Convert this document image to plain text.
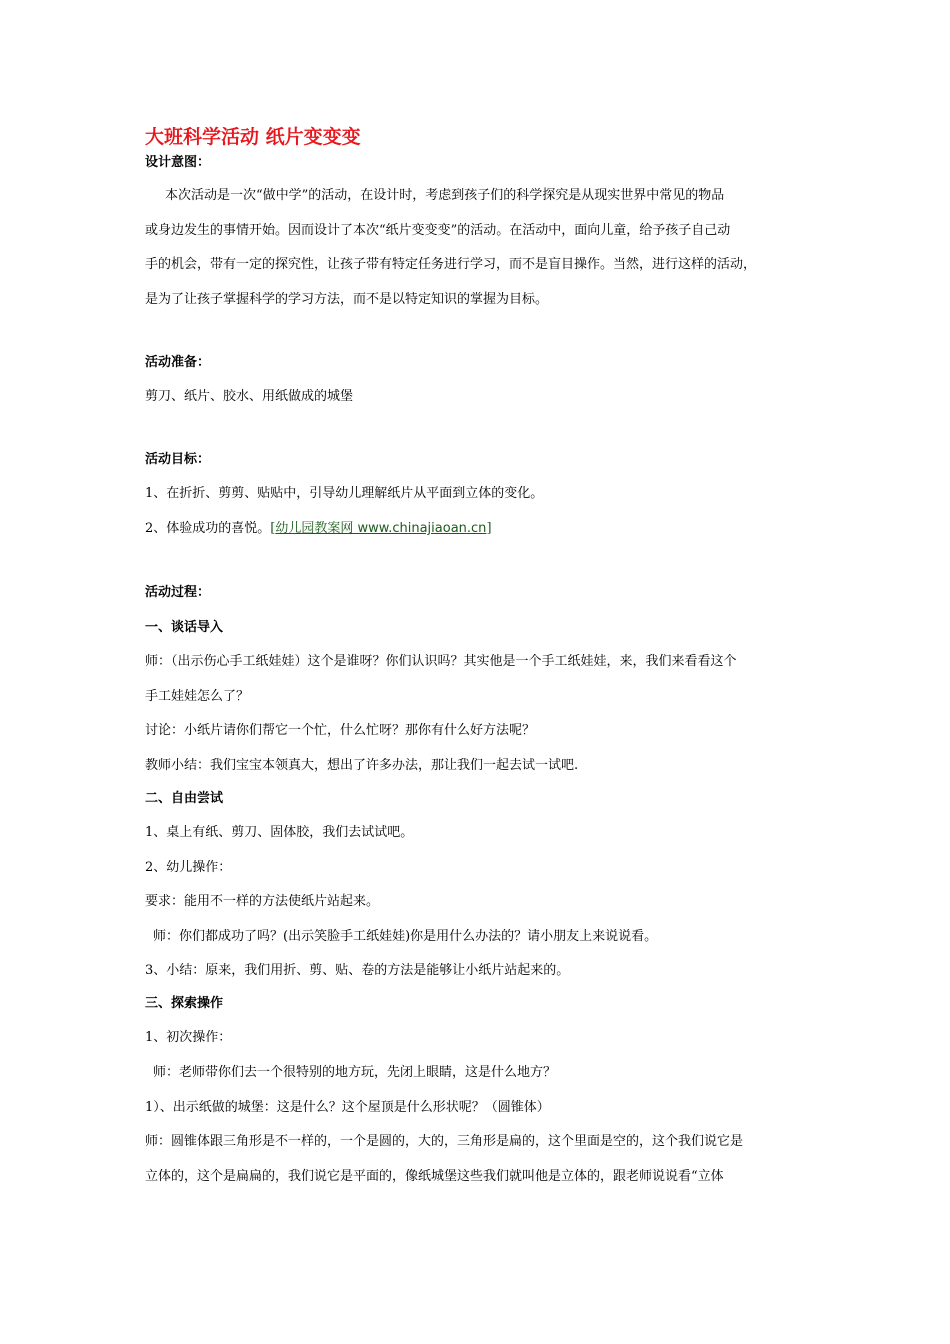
大班科学活动 纸片变变变
设计意图：
本次活动是一次“做中学”的活动，在设计时，考虑到孩子们的科学探究是从现实世界中常见的物品
或身边发生的事情开始。因而设计了本次“纸片变变变”的活动。在活动中，面向儿童，给予孩子自己动
手的机会，带有一定的探究性，让孩子带有特定任务进行学习，而不是盲目操作。当然，进行这样的活动，
是为了让孩子掌握科学的学习方法，而不是以特定知识的掌握为目标。
活动准备：
剪刀、纸片、胶水、用纸做成的城堡
活动目标：
1、在折折、剪剪、贴贴中，引导幼儿理解纸片从平面到立体的变化。
2、体验成功的喜悦。[幼儿园教案网 www.chinajiaoan.cn]
活动过程：
一、谈话导入
师：（出示伤心手工纸娃娃）这个是谁呀？你们认识吗？其实他是一个手工纸娃娃，来，我们来看看这个
手工娃娃怎么了？
讨论：小纸片请你们帮它一个忙，什么忙呀？那你有什么好方法呢？
教师小结：我们宝宝本领真大，想出了许多办法，那让我们一起去试一试吧.
二、自由尝试
1、桌上有纸、剪刀、固体胶，我们去试试吧。
2、幼儿操作：
要求：能用不一样的方法使纸片站起来。
师：你们都成功了吗？(出示笑脸手工纸娃娃)你是用什么办法的？请小朋友上来说说看。
3、小结：原来，我们用折、剪、贴、卷的方法是能够让小纸片站起来的。
三、探索操作
1、初次操作：
师：老师带你们去一个很特别的地方玩，先闭上眼睛，这是什么地方？
1）、出示纸做的城堡：这是什么？这个屋顶是什么形状呢？（圆锥体）
师：圆锥体跟三角形是不一样的，一个是圆的，大的，三角形是扁的，这个里面是空的，这个我们说它是
立体的，这个是扁扁的，我们说它是平面的，像纸城堡这些我们就叫他是立体的，跟老师说说看“立体
